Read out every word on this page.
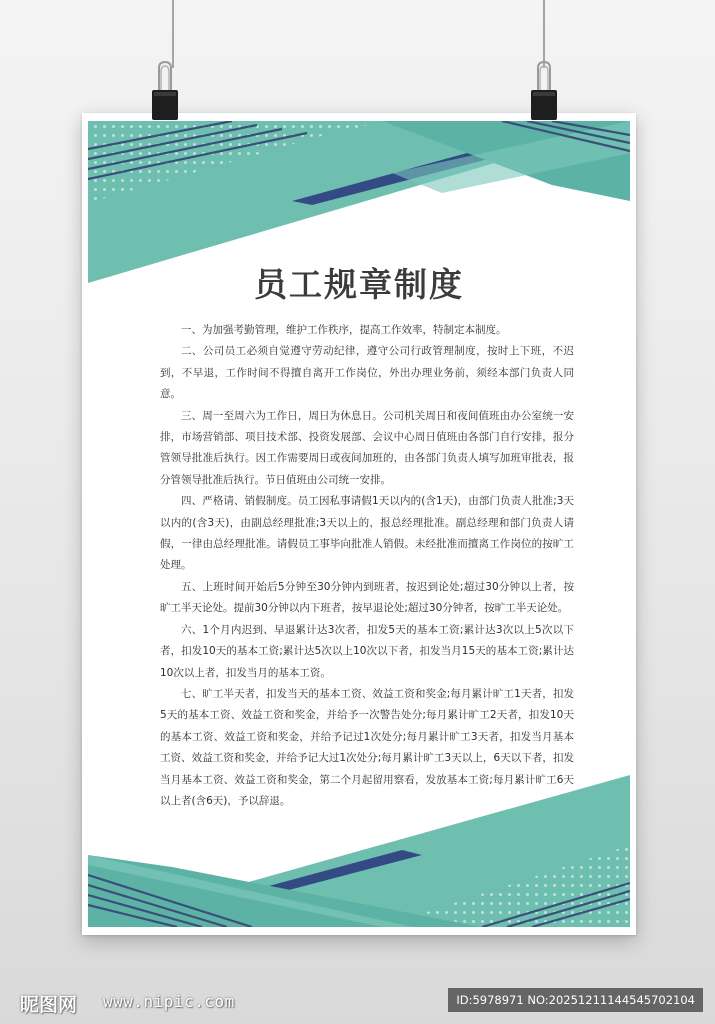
员工规章制度

一、为加强考勤管理，维护工作秩序，提高工作效率，特制定本制度。

二、公司员工必须自觉遵守劳动纪律，遵守公司行政管理制度，按时上下班，不迟到，不早退，工作时间不得擅自离开工作岗位，外出办理业务前，须经本部门负责人同意。

三、周一至周六为工作日，周日为休息日。公司机关周日和夜间值班由办公室统一安排，市场营销部、项目技术部、投资发展部、会议中心周日值班由各部门自行安排，报分管领导批准后执行。因工作需要周日或夜间加班的，由各部门负责人填写加班审批表，报分管领导批准后执行。节日值班由公司统一安排。

四、严格请、销假制度。员工因私事请假1天以内的(含1天)，由部门负责人批准;3天以内的(含3天)，由副总经理批准;3天以上的，报总经理批准。副总经理和部门负责人请假，一律由总经理批准。请假员工事毕向批准人销假。未经批准而擅离工作岗位的按旷工处理。

五、上班时间开始后5分钟至30分钟内到班者，按迟到论处;超过30分钟以上者，按旷工半天论处。提前30分钟以内下班者，按早退论处;超过30分钟者，按旷工半天论处。

六、1个月内迟到、早退累计达3次者，扣发5天的基本工资;累计达3次以上5次以下者，扣发10天的基本工资;累计达5次以上10次以下者，扣发当月15天的基本工资;累计达10次以上者，扣发当月的基本工资。

七、旷工半天者，扣发当天的基本工资、效益工资和奖金;每月累计旷工1天者，扣发5天的基本工资、效益工资和奖金，并给予一次警告处分;每月累计旷工2天者，扣发10天的基本工资、效益工资和奖金，并给予记过1次处分;每月累计旷工3天者，扣发当月基本工资、效益工资和奖金，并给予记大过1次处分;每月累计旷工3天以上，6天以下者，扣发当月基本工资、效益工资和奖金，第二个月起留用察看，发放基本工资;每月累计旷工6天以上者(含6天)，予以辞退。

昵图网 www.nipic.com	ID:5978971 NO:20251211144545702104
